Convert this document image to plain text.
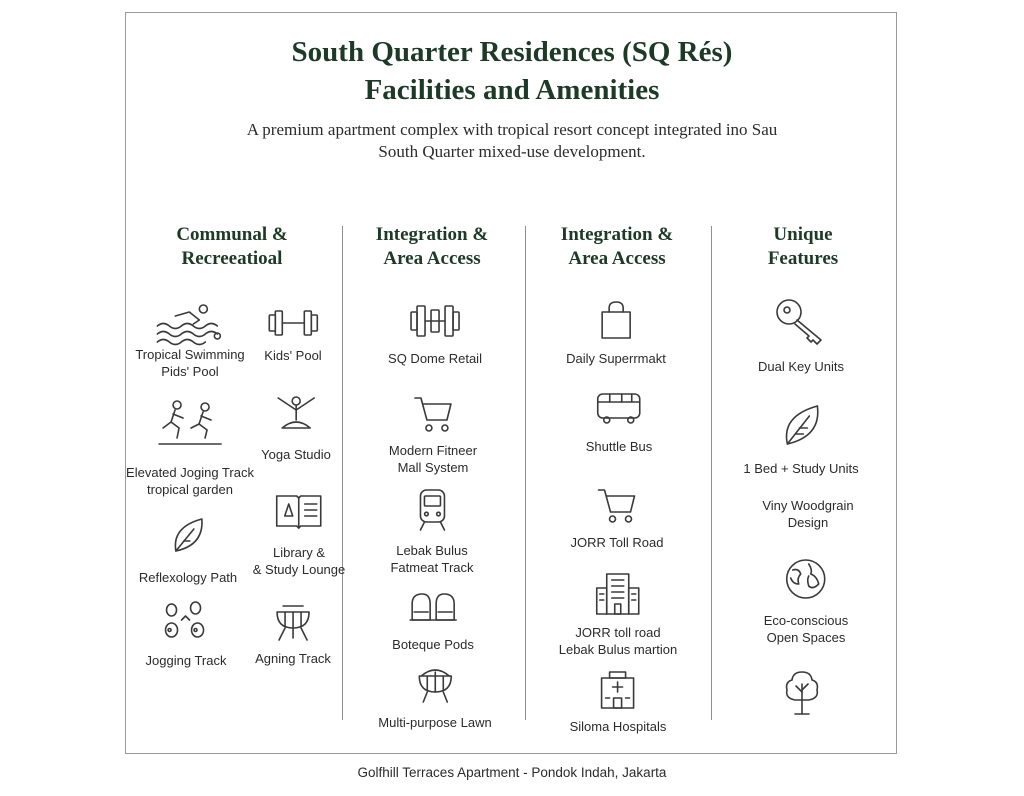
South Quarter Residences (SQ Rés)
Facilities and Amenities
A premium apartment complex with tropical resort concept integrated ino Sau
South Quarter mixed-use development.
Communal &
Recreeatioal
Integration &
Area Access
Integration &
Area Access
Unique
Features
Tropical Swimming
Pids' Pool
Kids' Pool
Elevated Joging Track
tropical garden
Yoga Studio
Reflexology Path
Library &
& Study Lounge
Jogging Track Agning Track
SQ Dome Retail
Modern Fitneer
Mall System
Lebak Bulus
Fatmeat Track
Boteque Pods
Multi-purpose Lawn
Daily Superrmakt
Shuttle Bus
JORR Toll Road
JORR toll road
Lebak Bulus martion
Siloma Hospitals
Dual Key Units
1 Bed + Study Units
Viny Woodgrain
Design
Eco-conscious
Open Spaces
Golfhill Terraces Apartment - Pondok Indah, Jakarta
